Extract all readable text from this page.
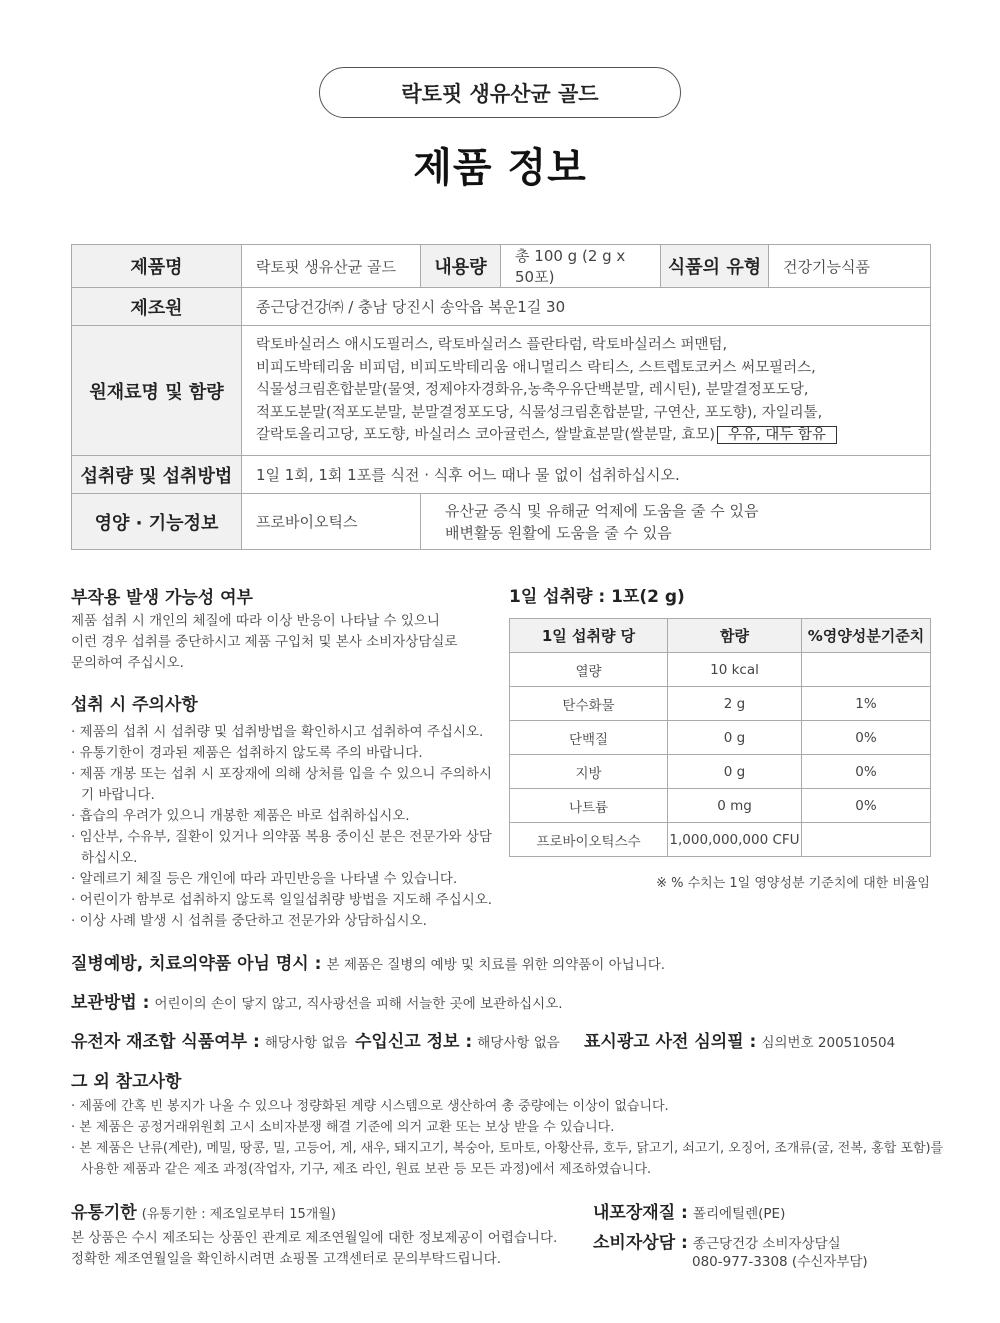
락토핏 생유산균 골드
제품 정보
제품명	락토핏 생유산균 골드	내용량	총 100 g (2 g x 50포)	식품의 유형	건강기능식품
제조원	종근당건강㈜ / 충남 당진시 송악읍 복운1길 30				
원재료명 및 함량	락토바실러스 애시도필러스, 락토바실러스 플란타럼, 락토바실러스 퍼맨텀,
비피도박테리움 비피덤, 비피도박테리움 애니멀리스 락티스, 스트렙토코커스 써모필러스,
식물성크림혼합분말(물엿, 정제야자경화유,농축우유단백분말, 레시틴), 분말결정포도당,
적포도분말(적포도분말, 분말결정포도당, 식물성크림혼합분말, 구연산, 포도향), 자일리톨,
갈락토올리고당, 포도향, 바실러스 코아귤런스, 쌀발효분말(쌀분말, 효모) 우유, 대두 함유				

섭취량 및 섭취방법	1일 1회, 1회 1포를 식전 · 식후 어느 때나 물 없이 섭취하십시오.				
영양 · 기능정보	프로바이오틱스	유산균 증식 및 유해균 억제에 도움을 줄 수 있음
배변활동 원활에 도움을 줄 수 있음			
부작용 발생 가능성 여부
제품 섭취 시 개인의 체질에 따라 이상 반응이 나타날 수 있으니
이런 경우 섭취를 중단하시고 제품 구입처 및 본사 소비자상담실로
문의하여 주십시오.
섭취 시 주의사항
· 제품의 섭취 시 섭취량 및 섭취방법을 확인하시고 섭취하여 주십시오.
· 유통기한이 경과된 제품은 섭취하지 않도록 주의 바랍니다.
· 제품 개봉 또는 섭취 시 포장재에 의해 상처를 입을 수 있으니 주의하시기 바랍니다.
· 흡습의 우려가 있으니 개봉한 제품은 바로 섭취하십시오.
· 임산부, 수유부, 질환이 있거나 의약품 복용 중이신 분은 전문가와 상담하십시오.
· 알레르기 체질 등은 개인에 따라 과민반응을 나타낼 수 있습니다.
· 어린이가 함부로 섭취하지 않도록 일일섭취량 방법을 지도해 주십시오.
· 이상 사례 발생 시 섭취를 중단하고 전문가와 상담하십시오.
1일 섭취량 : 1포(2 g)
1일 섭취량 당	함량	%영양성분기준치
열량	10 kcal	
탄수화물	2 g	1%
단백질	0 g	0%
지방	0 g	0%
나트륨	0 mg	0%
프로바이오틱스수	1,000,000,000 CFU	
※ % 수치는 1일 영양성분 기준치에 대한 비율임
질병예방, 치료의약품 아님 명시 : 본 제품은 질병의 예방 및 치료를 위한 의약품이 아닙니다.
보관방법 : 어린이의 손이 닿지 않고, 직사광선을 피해 서늘한 곳에 보관하십시오.
유전자 재조합 식품여부 : 해당사항 없음 수입신고 정보 : 해당사항 없음 표시광고 사전 심의필 : 심의번호 200510504
그 외 참고사항
· 제품에 간혹 빈 봉지가 나올 수 있으나 정량화된 계량 시스템으로 생산하여 총 중량에는 이상이 없습니다.
· 본 제품은 공정거래위원회 고시 소비자분쟁 해결 기준에 의거 교환 또는 보상 받을 수 있습니다.
· 본 제품은 난류(계란), 메밀, 땅콩, 밀, 고등어, 게, 새우, 돼지고기, 복숭아, 토마토, 아황산류, 호두, 닭고기, 쇠고기, 오징어, 조개류(굴, 전복, 홍합 포함)를
사용한 제품과 같은 제조 과정(작업자, 기구, 제조 라인, 원료 보관 등 모든 과정)에서 제조하였습니다.
유통기한 (유통기한 : 제조일로부터 15개월)
본 상품은 수시 제조되는 상품인 관계로 제조연월일에 대한 정보제공이 어렵습니다.
정확한 제조연월일을 확인하시려면 쇼핑몰 고객센터로 문의부탁드립니다.
내포장재질 : 폴리에틸렌(PE)
소비자상담 : 종근당건강 소비자상담실
080-977-3308 (수신자부담)
